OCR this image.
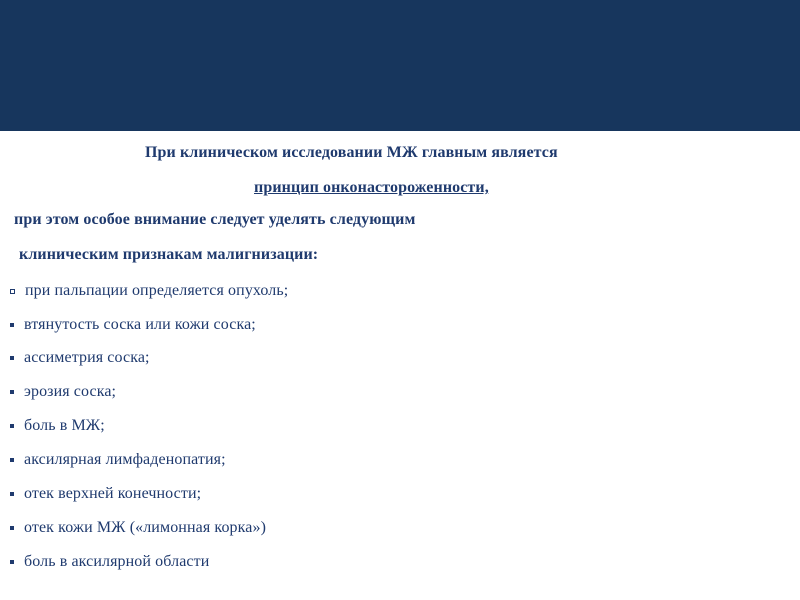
При клиническом исследовании МЖ главным является
принцип онконастороженности,
при этом особое внимание следует уделять следующим
клиническим признакам малигнизации:
при пальпации определяется опухоль;
втянутость соска или кожи соска;
ассиметрия соска;
эрозия соска;
боль в МЖ;
аксилярная лимфаденопатия;
отек верхней конечности;
отек кожи МЖ («лимонная корка»)
боль в аксилярной области
